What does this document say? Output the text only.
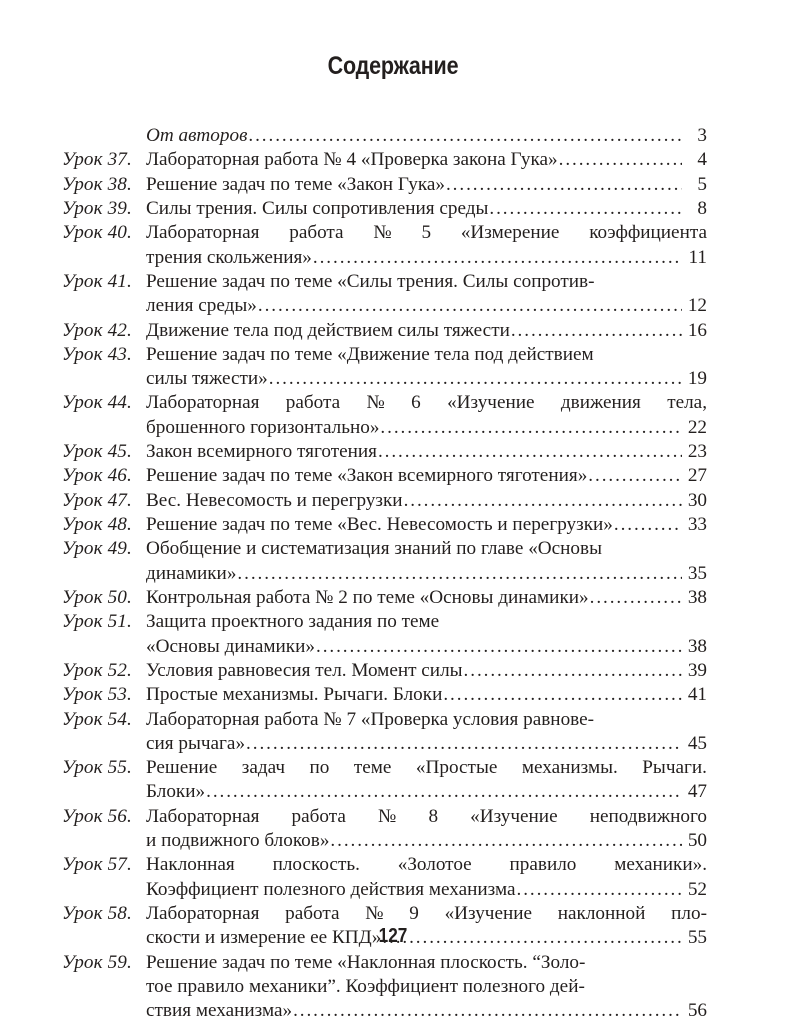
Содержание
От авторов .....	3
Урок 37. Лабораторная работа № 4 «Проверка закона Гука» .....	4
Урок 38. Решение задач по теме «Закон Гука» .....	5
Урок 39. Силы трения. Силы сопротивления среды .....	8
Урок 40. Лабораторная работа № 5 «Измерение коэффициента
трения скольжения» .....	11
Урок 41. Решение задач по теме «Силы трения. Силы сопротив-
ления среды» .....	12
Урок 42. Движение тела под действием силы тяжести .....	16
Урок 43. Решение задач по теме «Движение тела под действием
силы тяжести» .....	19
Урок 44. Лабораторная работа № 6 «Изучение движения тела,
брошенного горизонтально» .....	22
Урок 45. Закон всемирного тяготения .....	23
Урок 46. Решение задач по теме «Закон всемирного тяготения» .....	27
Урок 47. Вес. Невесомость и перегрузки .....	30
Урок 48. Решение задач по теме «Вес. Невесомость и перегрузки» .....	33
Урок 49. Обобщение и систематизация знаний по главе «Основы
динамики» .....	35
Урок 50. Контрольная работа № 2 по теме «Основы динамики» .....	38
Урок 51. Защита проектного задания по теме
«Основы динамики» .....	38
Урок 52. Условия равновесия тел. Момент силы .....	39
Урок 53. Простые механизмы. Рычаги. Блоки .....	41
Урок 54. Лабораторная работа № 7 «Проверка условия равнове-
сия рычага» .....	45
Урок 55. Решение задач по теме «Простые механизмы. Рычаги.
Блоки» .....	47
Урок 56. Лабораторная работа № 8 «Изучение неподвижного
и подвижного блоков» .....	50
Урок 57. Наклонная плоскость. «Золотое правило механики».
Коэффициент полезного действия механизма .....	52
Урок 58. Лабораторная работа № 9 «Изучение наклонной пло-
скости и измерение ее КПД» .....	55
Урок 59. Решение задач по теме «Наклонная плоскость. “Золо-
тое правило механики”. Коэффициент полезного дей-
ствия механизма» .....	56
127
